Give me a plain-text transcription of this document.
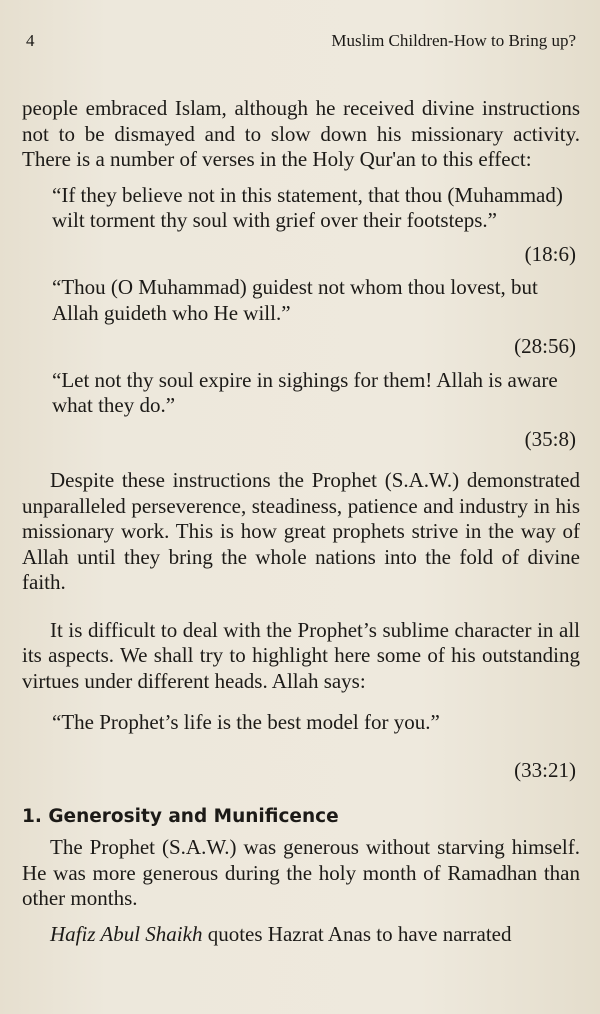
4	Muslim Children-How to Bring up?

people embraced Islam, although he received divine instructions not to be dismayed and to slow down his missionary activity. There is a number of verses in the Holy Qur'an to this effect:

“If they believe not in this statement, that thou (Muhammad) wilt torment thy soul with grief over their footsteps.”

(18:6)

“Thou (O Muhammad) guidest not whom thou lovest, but Allah guideth who He will.”

(28:56)

“Let not thy soul expire in sighings for them! Allah is aware what they do.”

(35:8)

Despite these instructions the Prophet (S.A.W.) demonstrated unparalleled perseverence, steadiness, patience and industry in his missionary work. This is how great prophets strive in the way of Allah until they bring the whole nations into the fold of divine faith.

It is difficult to deal with the Prophet’s sublime character in all its aspects. We shall try to highlight here some of his outstanding virtues under different heads. Allah says:

“The Prophet’s life is the best model for you.”

(33:21)

1. Generosity and Munificence

The Prophet (S.A.W.) was generous without starving himself. He was more generous during the holy month of Ramadhan than other months.

Hafiz Abul Shaikh quotes Hazrat Anas to have narrated
